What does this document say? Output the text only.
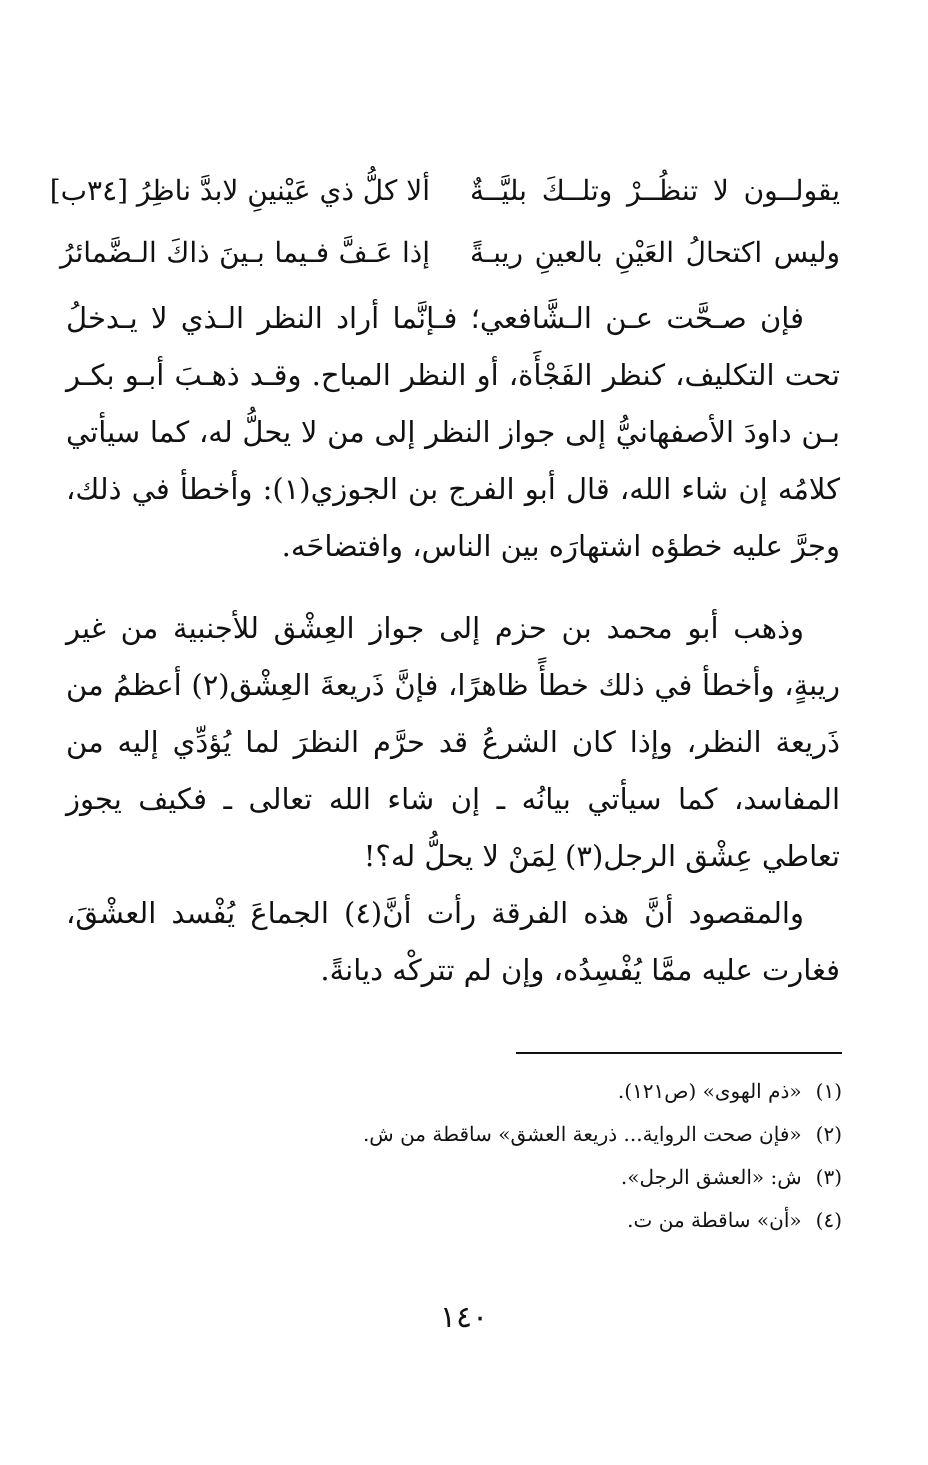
يقولــون لا تنظُــرْ وتلــكَ بليَّــةٌ
ألا كلُّ ذي عَيْنينِ لابدَّ ناظِرُ [٣٤ب]
وليس اكتحالُ العَيْنِ بالعينِ ريبـةً
إذا عَـفَّ فـيما بـينَ ذاكَ الـضَّمائرُ

فإن صـحَّت عـن الـشَّافعي؛ فـإنَّما أراد النظر الـذي لا يـدخلُ تحت التكليف، كنظر الفَجْأَة، أو النظر المباح. وقـد ذهـبَ أبـو بكـر بـن داودَ الأصفهانيُّ إلى جواز النظر إلى من لا يحلُّ له، كما سيأتي كلامُه إن شاء الله، قال أبو الفرج بن الجوزي(١): وأخطأ في ذلك، وجرَّ عليه خطؤه اشتهارَه بين الناس، وافتضاحَه.

وذهب أبو محمد بن حزم إلى جواز العِشْق للأجنبية من غير ريبةٍ، وأخطأ في ذلك خطأً ظاهرًا، فإنَّ ذَريعةَ العِشْق(٢) أعظمُ من ذَريعة النظر، وإذا كان الشرعُ قد حرَّم النظرَ لما يُؤدِّي إليه من المفاسد، كما سيأتي بيانُه ـ إن شاء الله تعالى ـ فكيف يجوز تعاطي عِشْق الرجل(٣) لِمَنْ لا يحلُّ له؟!

والمقصود أنَّ هذه الفرقة رأت أنَّ(٤) الجماعَ يُفْسد العشْقَ، فغارت عليه ممَّا يُفْسِدُه، وإن لم تتركْه ديانةً.

(١)«ذم الهوى» (ص١٢١).
(٢)«فإن صحت الرواية... ذريعة العشق» ساقطة من ش.
(٣)ش: «العشق الرجل».
(٤)«أن» ساقطة من ت.
١٤٠
